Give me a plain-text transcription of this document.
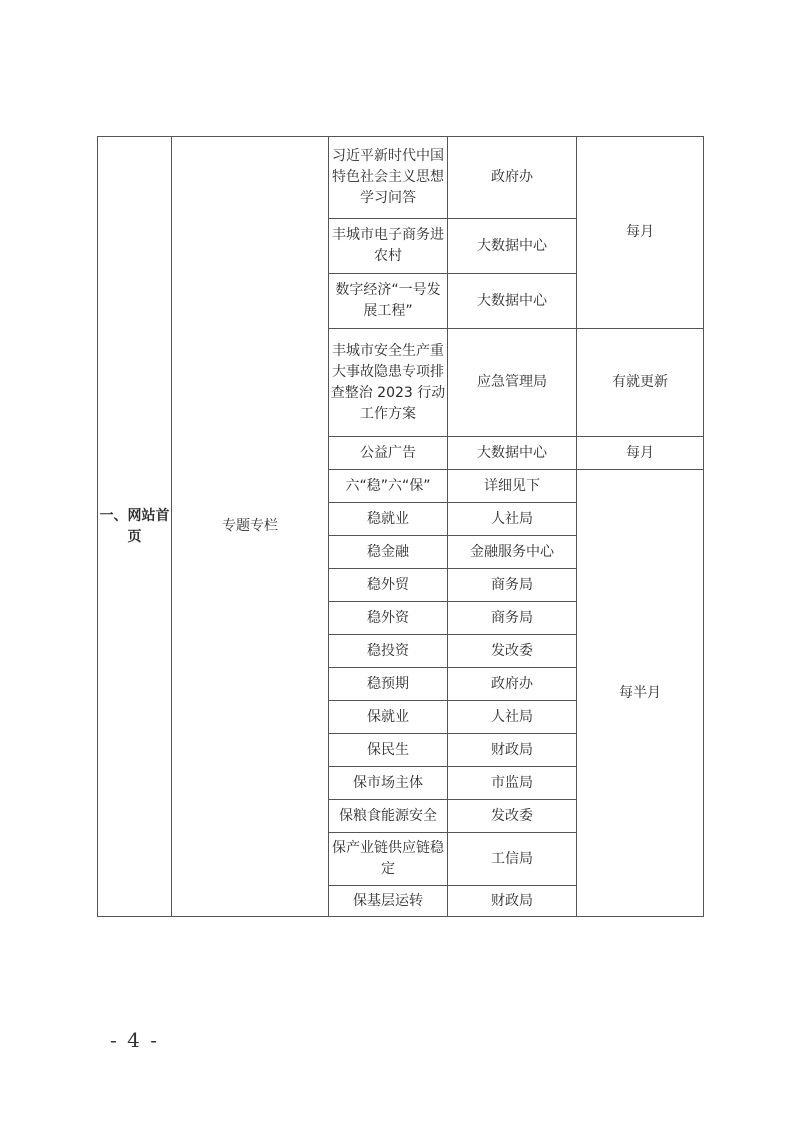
一、网站首页	专题专栏	习近平新时代中国特色社会主义思想学习问答	政府办	每月
		丰城市电子商务进农村	大数据中心	
		数字经济“一号发展工程”	大数据中心	
		丰城市安全生产重大事故隐患专项排查整治 2023 行动工作方案	应急管理局	有就更新
		公益广告	大数据中心	每月
		六“稳”六“保”	详细见下	每半月
		稳就业	人社局	
		稳金融	金融服务中心	
		稳外贸	商务局	
		稳外资	商务局	
		稳投资	发改委	
		稳预期	政府办	
		保就业	人社局	
		保民生	财政局	
		保市场主体	市监局	
		保粮食能源安全	发改委	
		保产业链供应链稳定	工信局	
		保基层运转	财政局	
- 4 -
